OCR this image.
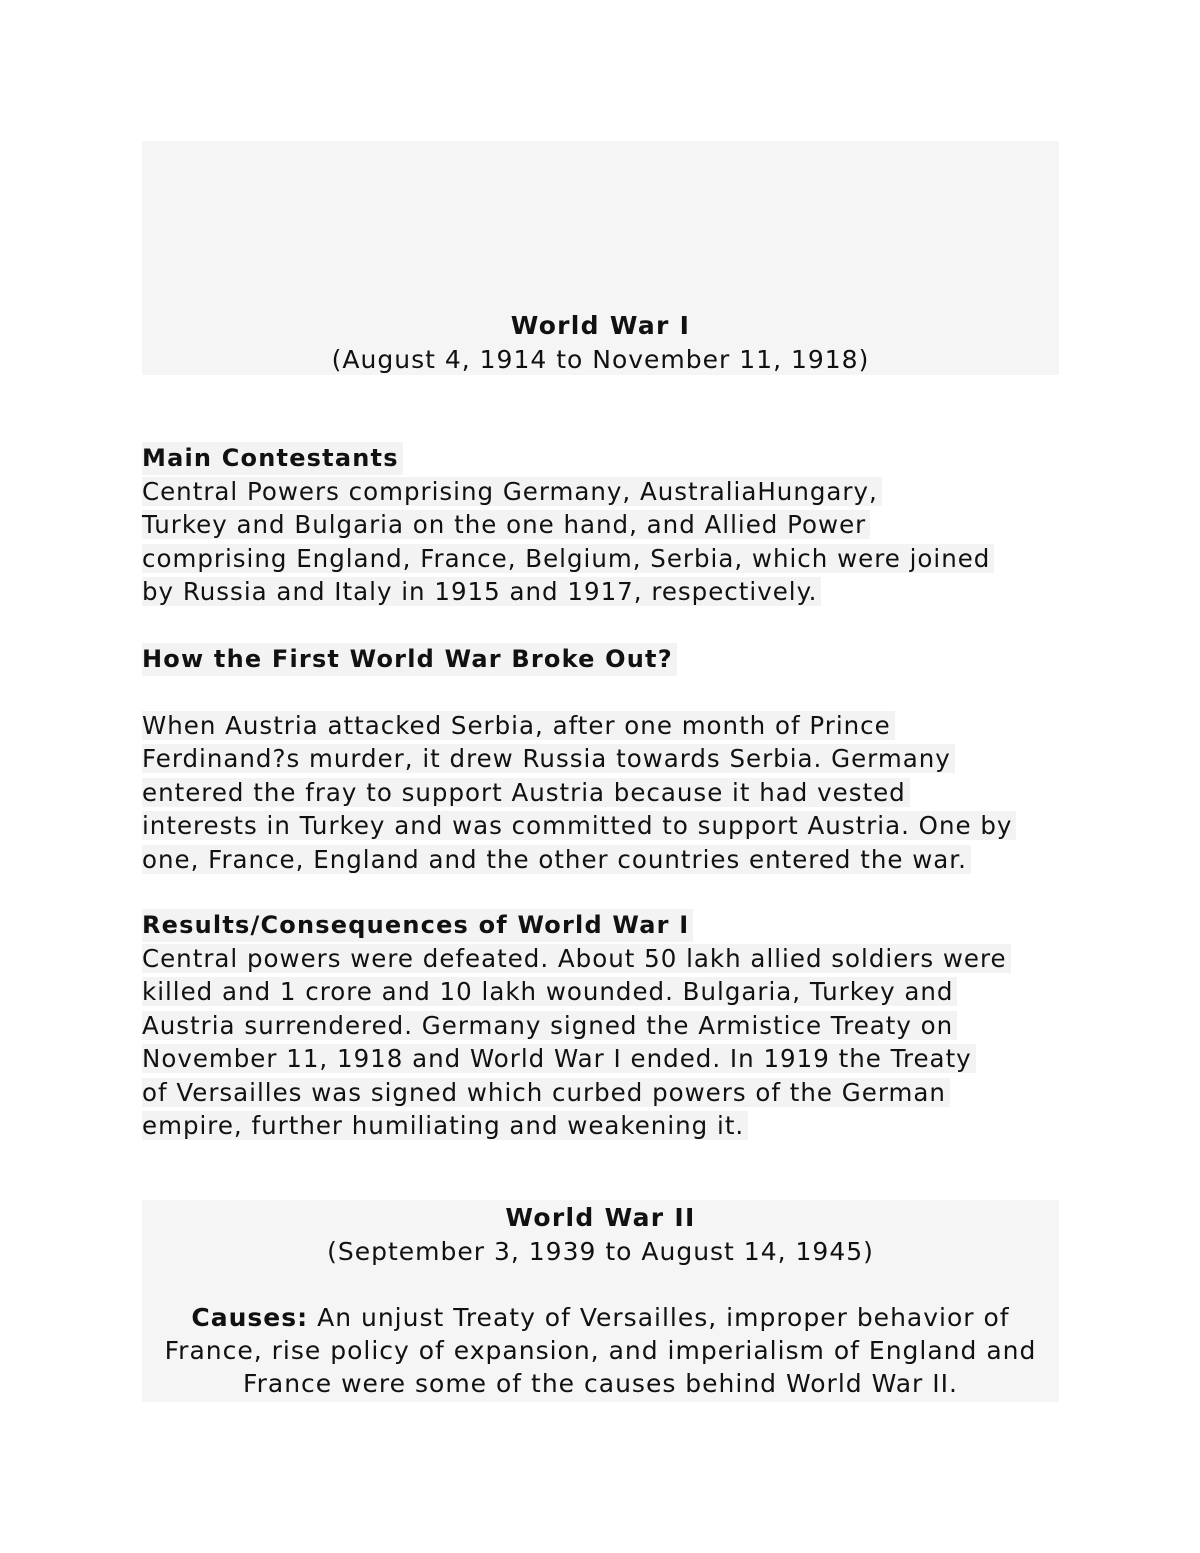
World War I

(August 4, 1914 to November 11, 1918)

Main Contestants

Central Powers comprising Germany, AustraliaHungary,
Turkey and Bulgaria on the one hand, and Allied Power
comprising England, France, Belgium, Serbia, which were joined
by Russia and Italy in 1915 and 1917, respectively.

How the First World War Broke Out?

When Austria attacked Serbia, after one month of Prince
Ferdinand?s murder, it drew Russia towards Serbia. Germany
entered the fray to support Austria because it had vested
interests in Turkey and was committed to support Austria. One by
one, France, England and the other countries entered the war.

Results/Consequences of World War I

Central powers were defeated. About 50 lakh allied soldiers were
killed and 1 crore and 10 lakh wounded. Bulgaria, Turkey and
Austria surrendered. Germany signed the Armistice Treaty on
November 11, 1918 and World War I ended. In 1919 the Treaty
of Versailles was signed which curbed powers of the German
empire, further humiliating and weakening it.

World War II

(September 3, 1939 to August 14, 1945)

Causes: An unjust Treaty of Versailles, improper behavior of
France, rise policy of expansion, and imperialism of England and
France were some of the causes behind World War II.
